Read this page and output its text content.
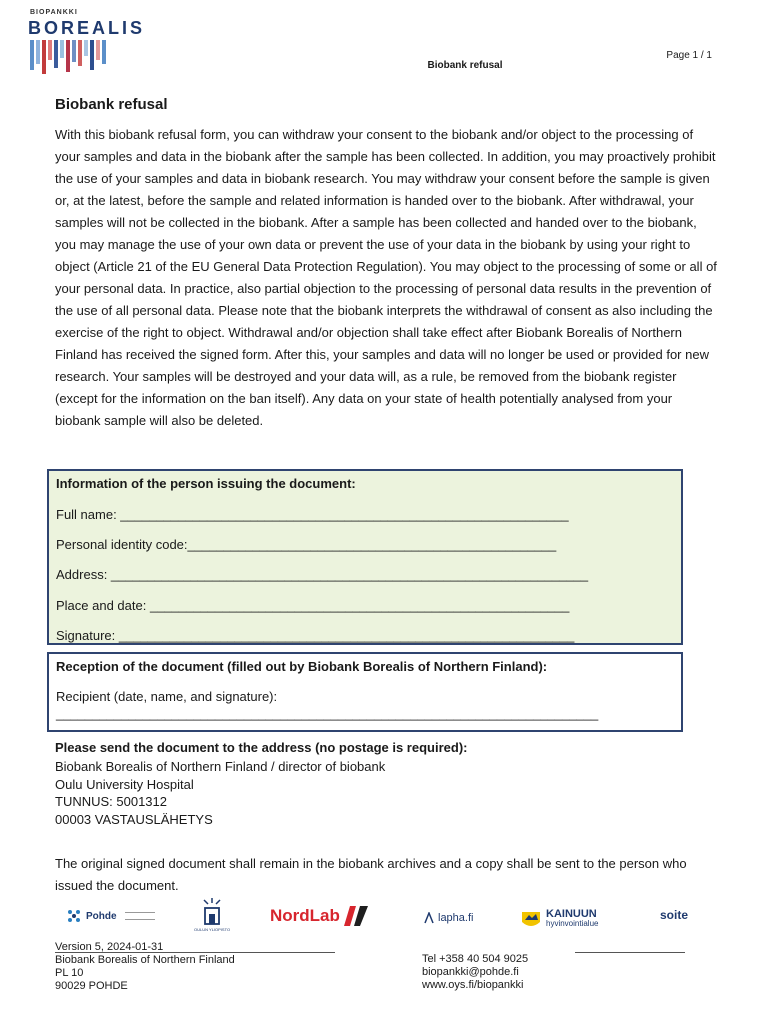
BIOPANKKI
BOREALIS
Page 1 / 1
Biobank refusal
Biobank refusal
With this biobank refusal form, you can withdraw your consent to the biobank and/or object to the processing of your samples and data in the biobank after the sample has been collected. In addition, you may proactively prohibit the use of your samples and data in biobank research. You may withdraw your consent before the sample is given or, at the latest, before the sample and related information is handed over to the biobank. After withdrawal, your samples will not be collected in the biobank. After a sample has been collected and handed over to the biobank, you may manage the use of your own data or prevent the use of your data in the biobank by using your right to object (Article 21 of the EU General Data Protection Regulation). You may object to the processing of some or all of your personal data. In practice, also partial objection to the processing of personal data results in the prevention of the use of all personal data. Please note that the biobank interprets the withdrawal of consent as also including the exercise of the right to object. Withdrawal and/or objection shall take effect after Biobank Borealis of Northern Finland has received the signed form. After this, your samples and data will no longer be used or provided for new research. Your samples will be destroyed and your data will, as a rule, be removed from the biobank register (except for the information on the ban itself). Any data on your state of health potentially analysed from your biobank sample will also be deleted.
Information of the person issuing the document:
Full name: ______________________________________________________________
Personal identity code:___________________________________________________
Address: __________________________________________________________________
Place and date: __________________________________________________________
Signature: _______________________________________________________________
Reception of the document (filled out by Biobank Borealis of Northern Finland):
Recipient (date, name, and signature):
___________________________________________________________________________
Please send the document to the address (no postage is required):
Biobank Borealis of Northern Finland / director of biobank
Oulu University Hospital
TUNNUS: 5001312
00003 VASTAUSLÄHETYS
The original signed document shall remain in the biobank archives and a copy shall be sent to the person who issued the document.
Pohde
OULUN YLIOPISTO
NordLab	lapha.fi	KAINUUN
hyvinvointialue
soite
Version 5, 2024-01-31
Biobank Borealis of Northern Finland
PL 10
90029 POHDE
Tel +358 40 504 9025
biopankki@pohde.fi
www.oys.fi/biopankki
